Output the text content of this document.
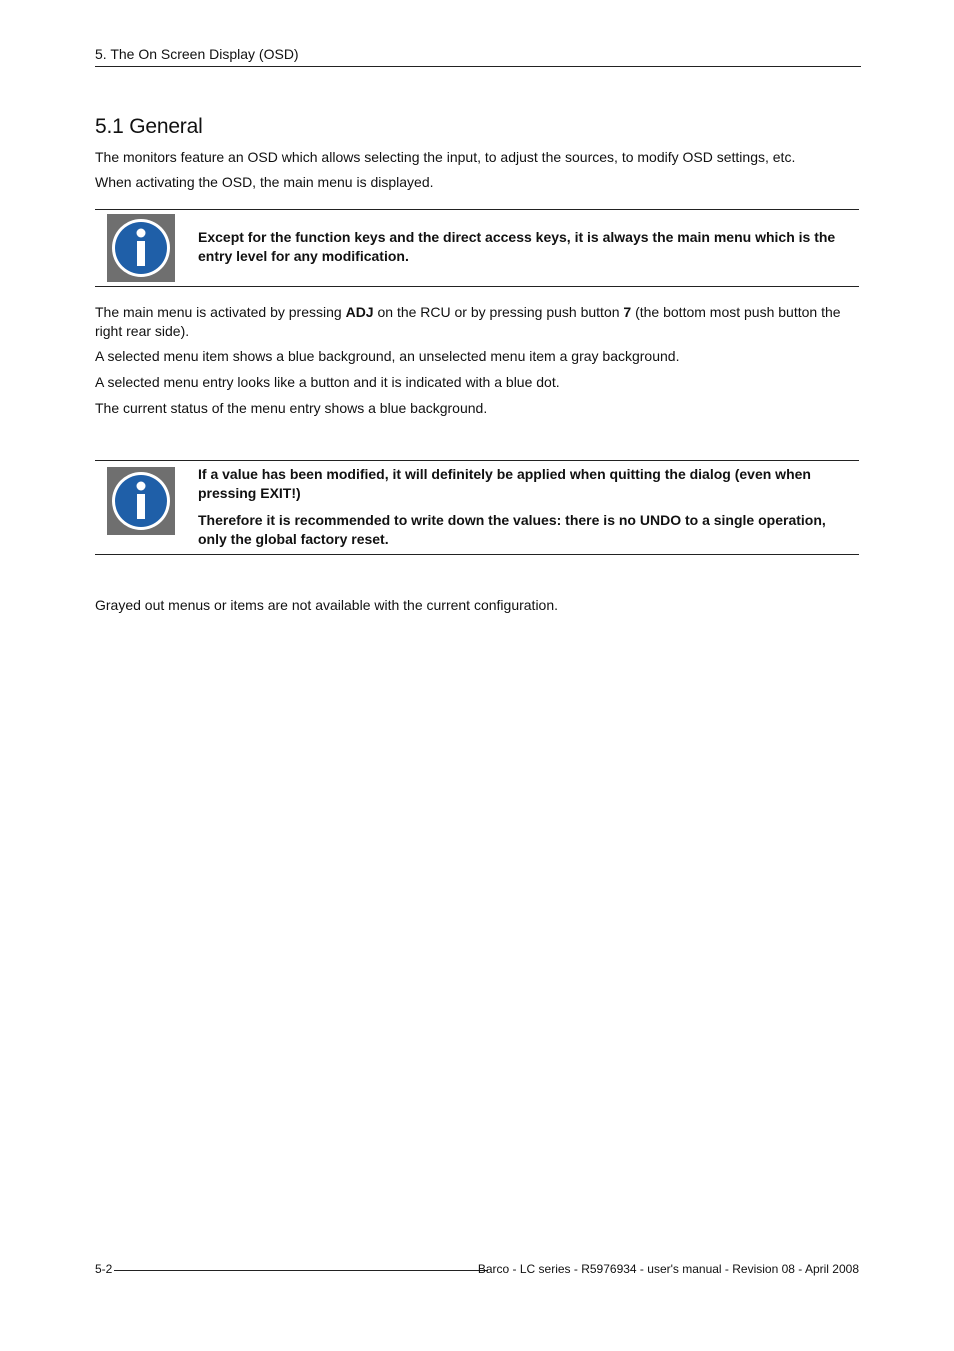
5. The On Screen Display (OSD)
5.1 General

The monitors feature an OSD which allows selecting the input, to adjust the sources, to modify OSD settings, etc.

When activating the OSD, the main menu is displayed.

Except for the function keys and the direct access keys, it is always the main menu which is the entry level for any modification.

The main menu is activated by pressing ADJ on the RCU or by pressing push button 7 (the bottom most push button the right rear side).

A selected menu item shows a blue background, an unselected menu item a gray background.

A selected menu entry looks like a button and it is indicated with a blue dot.

The current status of the menu entry shows a blue background.

If a value has been modified, it will definitely be applied when quitting the dialog (even when pressing EXIT!)

Therefore it is recommended to write down the values: there is no UNDO to a single operation, only the global factory reset.

Grayed out menus or items are not available with the current configuration.

5-2	Barco - LC series - R5976934 - user's manual - Revision 08 - April 2008
